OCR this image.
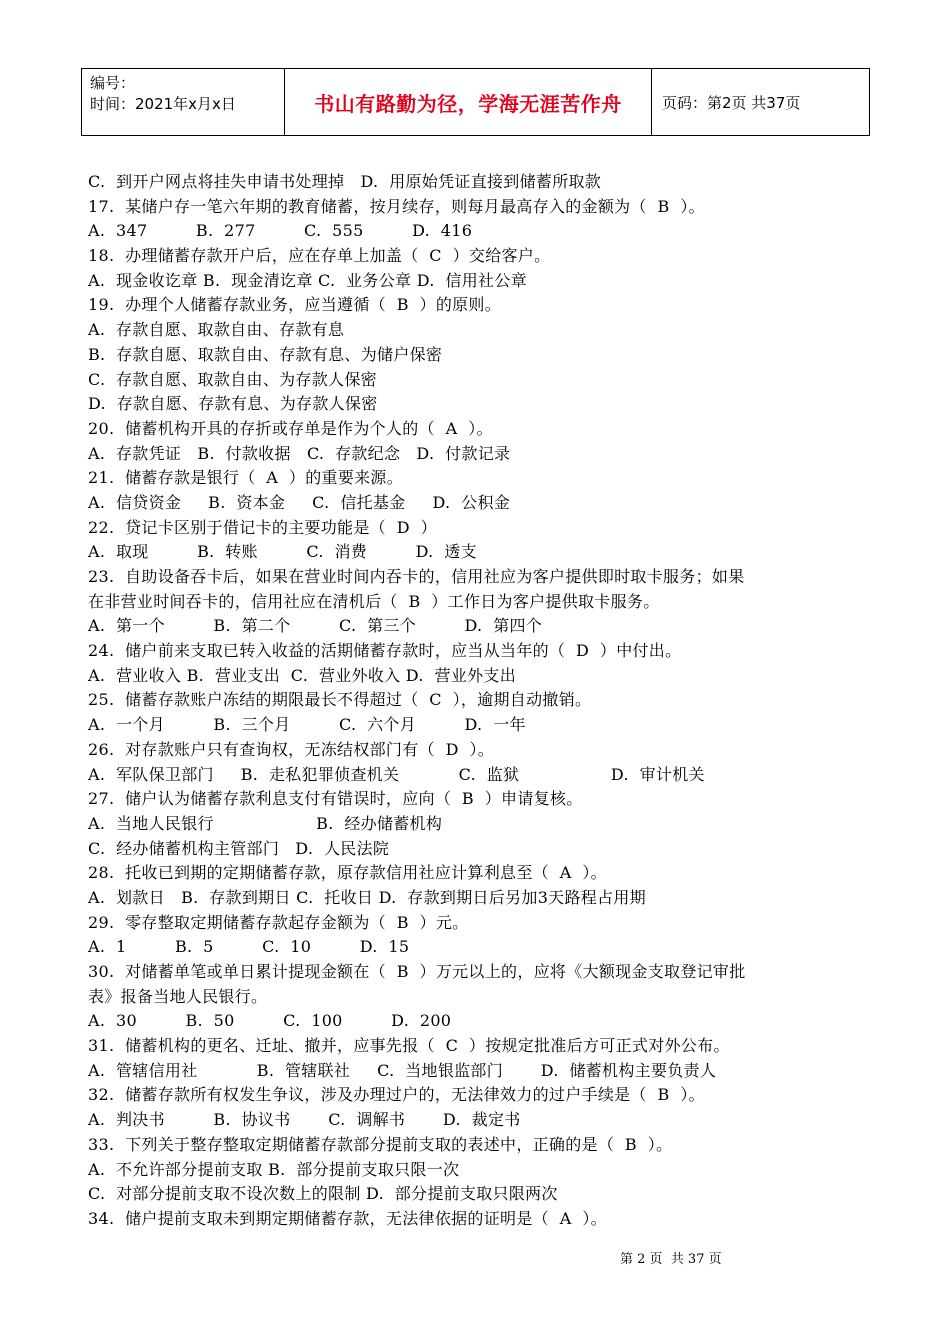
编号：
时间：2021年x月x日	书山有路勤为径，学海无涯苦作舟	页码：第2页 共37页
C.  到开户网点将挂失申请书处理掉   D.  用原始凭证直接到储蓄所取款
17.  某储户存一笔六年期的教育储蓄，按月续存，则每月最高存入的金额为（  B  ）。
A.  347         B.  277         C.  555         D.  416
18.  办理储蓄存款开户后，应在存单上加盖（  C  ）交给客户。
A.  现金收讫章 B.  现金清讫章 C.  业务公章 D.  信用社公章
19.  办理个人储蓄存款业务，应当遵循（  B  ）的原则。
A.  存款自愿、取款自由、存款有息
B.  存款自愿、取款自由、存款有息、为储户保密
C.  存款自愿、取款自由、为存款人保密
D.  存款自愿、存款有息、为存款人保密
20.  储蓄机构开具的存折或存单是作为个人的（  A  ）。
A.  存款凭证   B.  付款收据   C.  存款纪念   D.  付款记录
21.  储蓄存款是银行（  A  ）的重要来源。
A.  信贷资金     B.  资本金     C.  信托基金     D.  公积金
22.  贷记卡区别于借记卡的主要功能是（  D  ）
A.  取现         B.  转账         C.  消费         D.  透支
23.  自助设备吞卡后，如果在营业时间内吞卡的，信用社应为客户提供即时取卡服务；如果
在非营业时间吞卡的，信用社应在清机后（  B  ）工作日为客户提供取卡服务。
A.  第一个         B.  第二个         C.  第三个         D.  第四个
24.  储户前来支取已转入收益的活期储蓄存款时，应当从当年的（  D  ）中付出。
A.  营业收入 B.  营业支出  C.  营业外收入 D.  营业外支出
25.  储蓄存款账户冻结的期限最长不得超过（  C  ），逾期自动撤销。
A.  一个月         B.  三个月         C.  六个月         D.  一年
26.  对存款账户只有查询权，无冻结权部门有（  D  ）。
A.  军队保卫部门     B.  走私犯罪侦查机关           C.  监狱                 D.  审计机关
27.  储户认为储蓄存款利息支付有错误时，应向（  B  ）申请复核。
A.  当地人民银行                   B.  经办储蓄机构
C.  经办储蓄机构主管部门   D.  人民法院
28.  托收已到期的定期储蓄存款，原存款信用社应计算利息至（  A  ）。
A.  划款日   B.  存款到期日 C.  托收日 D.  存款到期日后另加3天路程占用期
29.  零存整取定期储蓄存款起存金额为（  B  ）元。
A.  1         B.  5         C.  10         D.  15
30.  对储蓄单笔或单日累计提现金额在（  B  ）万元以上的，应将《大额现金支取登记审批
表》报备当地人民银行。
A.  30         B.  50         C.  100         D.  200
31.  储蓄机构的更名、迁址、撤并，应事先报（  C  ）按规定批准后方可正式对外公布。
A.  管辖信用社           B.  管辖联社     C.  当地银监部门       D.  储蓄机构主要负责人
32.  储蓄存款所有权发生争议，涉及办理过户的，无法律效力的过户手续是（  B  ）。
A.  判决书         B.  协议书       C.  调解书       D.  裁定书
33.  下列关于整存整取定期储蓄存款部分提前支取的表述中，正确的是（  B  ）。
A.  不允许部分提前支取 B.  部分提前支取只限一次
C.  对部分提前支取不设次数上的限制 D.  部分提前支取只限两次
34.  储户提前支取未到期定期储蓄存款，无法律依据的证明是（  A  ）。
第 2 页  共 37 页
